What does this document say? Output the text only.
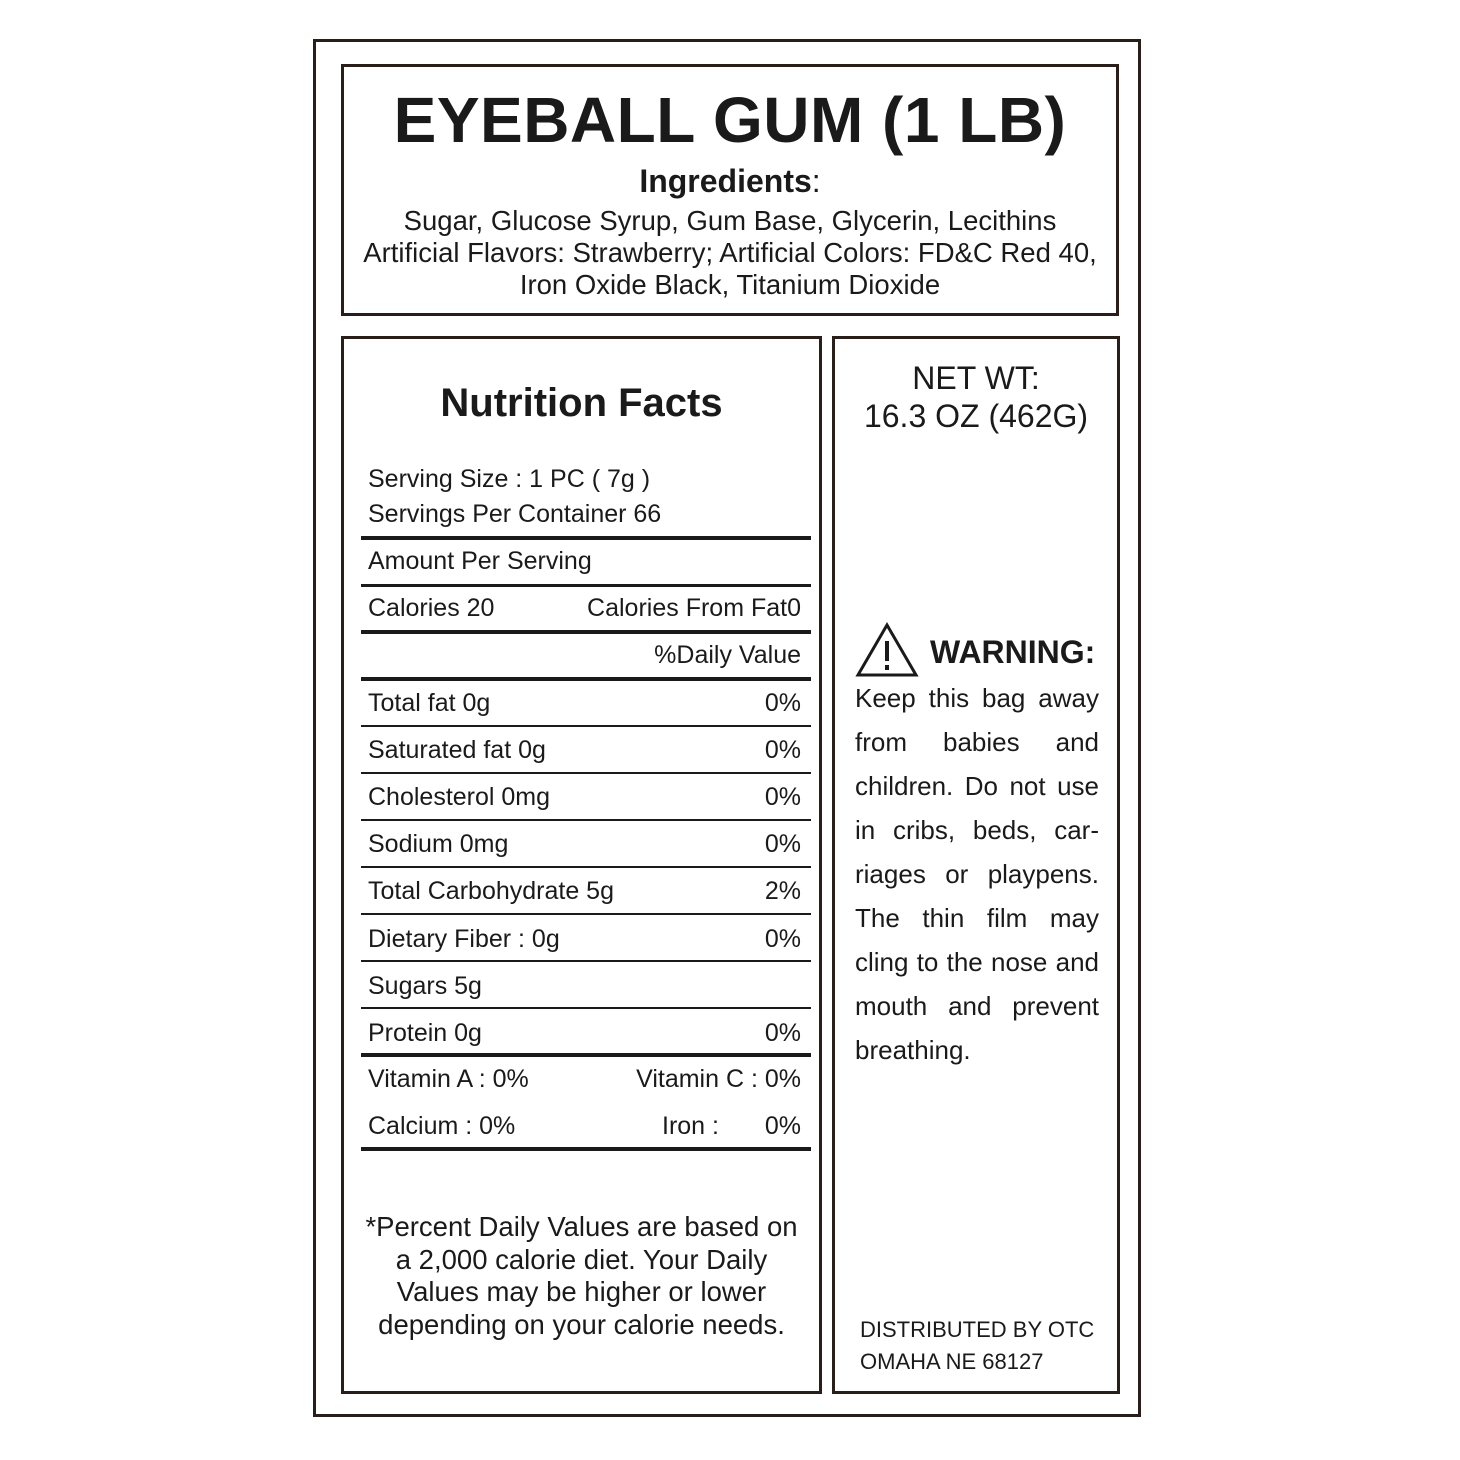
EYEBALL GUM (1 LB)
Ingredients:
Sugar, Glucose Syrup, Gum Base, Glycerin, Lecithins Artificial Flavors: Strawberry; Artificial Colors: FD&C Red 40, Iron Oxide Black, Titanium Dioxide
Nutrition Facts
Serving Size : 1 PC ( 7g )
Servings Per Container 66
Amount Per Serving
Calories 20	Calories From Fat0
%Daily Value
Total fat 0g	0%
Saturated fat 0g	0%
Cholesterol 0mg	0%
Sodium 0mg	0%
Total Carbohydrate 5g	2%
Dietary Fiber : 0g	0%
Sugars 5g
Protein 0g	0%
Vitamin A : 0%	Vitamin C : 0%
Calcium : 0%	Iron : 0%
*Percent Daily Values are based on a 2,000 calorie diet. Your Daily Values may be higher or lower depending on your calorie needs.
NET WT:
16.3 OZ (462G)
WARNING:
Keep this bag away from babies and children. Do not use in cribs, beds, carriages or playpens. The thin film may cling to the nose and mouth and prevent breathing.
DISTRIBUTED BY OTC
OMAHA NE 68127
